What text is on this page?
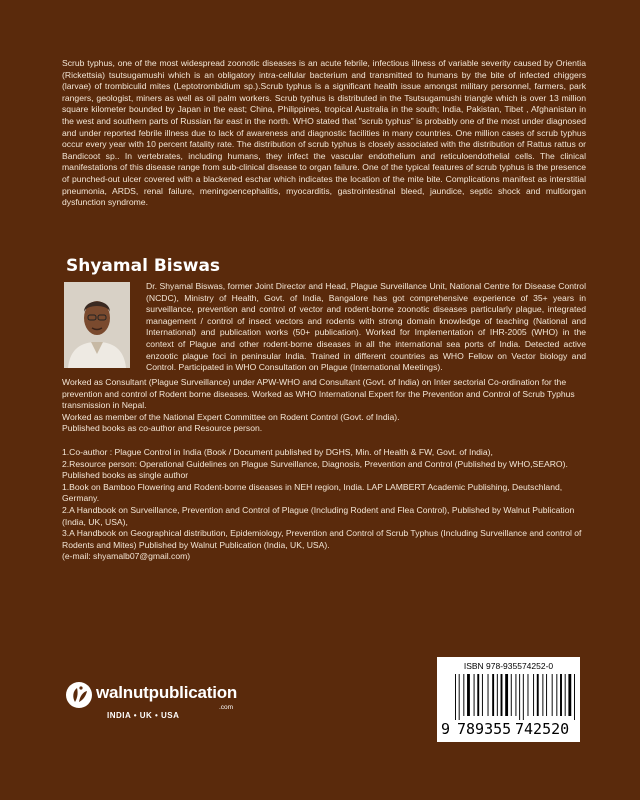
Scrub typhus, one of the most widespread zoonotic diseases is an acute febrile, infectious illness of variable severity caused by Orientia (Rickettsia) tsutsugamushi which is an obligatory intra-cellular bacterium and transmitted to humans by the bite of infected chiggers (larvae) of trombiculid mites (Leptotrombidium sp.).Scrub typhus is a significant health issue amongst military personnel, farmers, park rangers, geologist, miners as well as oil palm workers. Scrub typhus is distributed in the Tsutsugamushi triangle which is over 13 million square kilometer bounded by Japan in the east; China, Philippines, tropical Australia in the south; India, Pakistan, Tibet , Afghanistan in the west and southern parts of Russian far east in the north. WHO stated that "scrub typhus" is probably one of the most under diagnosed and under reported febrile illness due to lack of awareness and diagnostic facilities in many countries. One million cases of scrub typhus occur every year with 10 percent fatality rate. The distribution of scrub typhus is closely associated with the distribution of Rattus rattus or Bandicoot sp.. In vertebrates, including humans, they infect the vascular endothelium and reticuloendothelial cells. The clinical manifestations of this disease range from sub-clinical disease to organ failure. One of the typical features of scrub typhus is the presence of punched-out ulcer covered with a blackened eschar which indicates the location of the mite bite. Complications manifest as interstitial pneumonia, ARDS, renal failure, meningoencephalitis, myocarditis, gastrointestinal bleed, jaundice, septic shock and multiorgan dysfunction syndrome.
Shyamal Biswas
Dr. Shyamal Biswas, former Joint Director and Head, Plague Surveillance Unit, National Centre for Disease Control (NCDC), Ministry of Health, Govt. of India, Bangalore has got comprehensive experience of 35+ years in surveillance, prevention and control of vector and rodent-borne zoonotic diseases particularly plague, integrated management / control of insect vectors and rodents with strong domain knowledge of teaching (National and International) and publication works (50+ publication). Worked for Implementation of IHR-2005 (WHO) in the context of Plague and other rodent-borne diseases in all the international sea ports of India. Detected active enzootic plague foci in peninsular India. Trained in different countries as WHO Fellow on Vector biology and Control. Participated in WHO Consultation on Plague (International Meetings).

Worked as Consultant (Plague Surveillance) under APW-WHO and Consultant (Govt. of India) on Inter sectorial Co-ordination for the prevention and control of Rodent borne diseases. Worked as WHO International Expert for the Prevention and Control of Scrub Typhus transmission in Nepal.

Worked as member of the National Expert Committee on Rodent Control (Govt. of India).

Published books as co-author and Resource person.

1.Co-author : Plague Control in India (Book / Document published by DGHS, Min. of Health & FW, Govt. of India),

2.Resource person: Operational Guidelines on Plague Surveillance, Diagnosis, Prevention and Control (Published by WHO,SEARO).

Published books as single author

1.Book on Bamboo Flowering and Rodent-borne diseases in NEH region, India. LAP LAMBERT Academic Publishing, Deutschland, Germany.

2.A Handbook on Surveillance, Prevention and Control of Plague (Including Rodent and Flea Control), Published by Walnut Publication (India, UK, USA),

3.A Handbook on Geographical distribution, Epidemiology, Prevention and Control of Scrub Typhus (Including Surveillance and control of Rodents and Mites) Published by Walnut Publication (India, UK, USA).

(e-mail: shyamalb07@gmail.com)

walnutpublication
.com
INDIA • UK • USA
ISBN 978-935574252-0
9 789355 742520
